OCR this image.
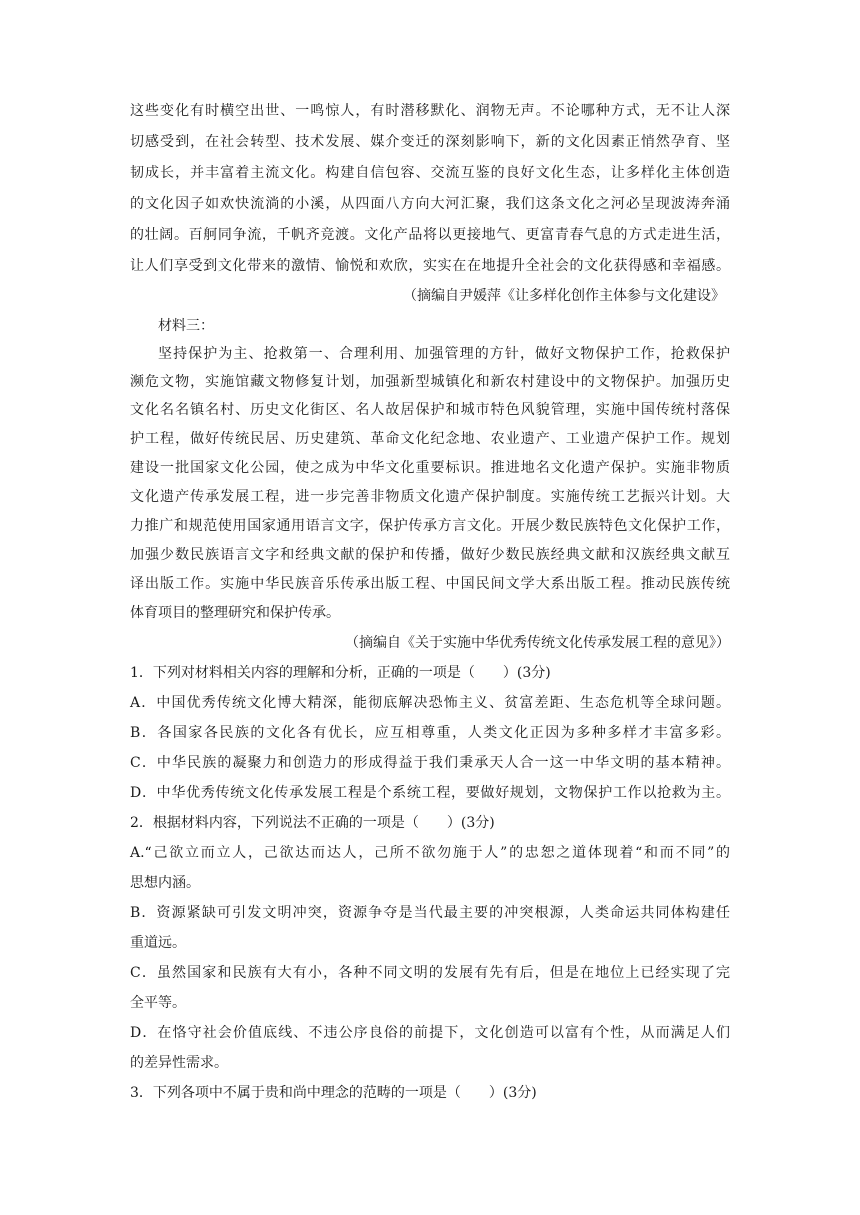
这些变化有时横空出世、一鸣惊人，有时潜移默化、润物无声。不论哪种方式，无不让人深
切感受到，在社会转型、技术发展、媒介变迁的深刻影响下，新的文化因素正悄然孕育、坚
韧成长，并丰富着主流文化。构建自信包容、交流互鉴的良好文化生态，让多样化主体创造
的文化因子如欢快流淌的小溪，从四面八方向大河汇聚，我们这条文化之河必呈现波涛奔涌
的壮阔。百舸同争流，千帆齐竞渡。文化产品将以更接地气、更富青春气息的方式走进生活，
让人们享受到文化带来的激情、愉悦和欢欣，实实在在地提升全社会的文化获得感和幸福感。
（摘编自尹媛萍《让多样化创作主体参与文化建设》
材料三：
坚持保护为主、抢救第一、合理利用、加强管理的方针，做好文物保护工作，抢救保护
濒危文物，实施馆藏文物修复计划，加强新型城镇化和新农村建设中的文物保护。加强历史
文化名名镇名村、历史文化街区、名人故居保护和城市特色风貌管理，实施中国传统村落保
护工程，做好传统民居、历史建筑、革命文化纪念地、农业遗产、工业遗产保护工作。规划
建设一批国家文化公园，使之成为中华文化重要标识。推进地名文化遗产保护。实施非物质
文化遗产传承发展工程，进一步完善非物质文化遗产保护制度。实施传统工艺振兴计划。大
力推广和规范使用国家通用语言文字，保护传承方言文化。开展少数民族特色文化保护工作，
加强少数民族语言文字和经典文献的保护和传播，做好少数民族经典文献和汉族经典文献互
译出版工作。实施中华民族音乐传承出版工程、中国民间文学大系出版工程。推动民族传统
体育项目的整理研究和保护传承。
（摘编自《关于实施中华优秀传统文化传承发展工程的意见》）
1．下列对材料相关内容的理解和分析，正确的一项是（　　）(3分)
A．中国优秀传统文化博大精深，能彻底解决恐怖主义、贫富差距、生态危机等全球问题。
B．各国家各民族的文化各有优长，应互相尊重，人类文化正因为多种多样才丰富多彩。
C．中华民族的凝聚力和创造力的形成得益于我们秉承天人合一这一中华文明的基本精神。
D．中华优秀传统文化传承发展工程是个系统工程，要做好规划，文物保护工作以抢救为主。
2．根据材料内容，下列说法不正确的一项是（　　）(3分)
A.“己欲立而立人，己欲达而达人，己所不欲勿施于人”的忠恕之道体现着“和而不同”的
思想内涵。
B．资源紧缺可引发文明冲突，资源争夺是当代最主要的冲突根源，人类命运共同体构建任
重道远。
C．虽然国家和民族有大有小，各种不同文明的发展有先有后，但是在地位上已经实现了完
全平等。
D．在恪守社会价值底线、不违公序良俗的前提下，文化创造可以富有个性，从而满足人们
的差异性需求。
3．下列各项中不属于贵和尚中理念的范畴的一项是（　　）(3分)
